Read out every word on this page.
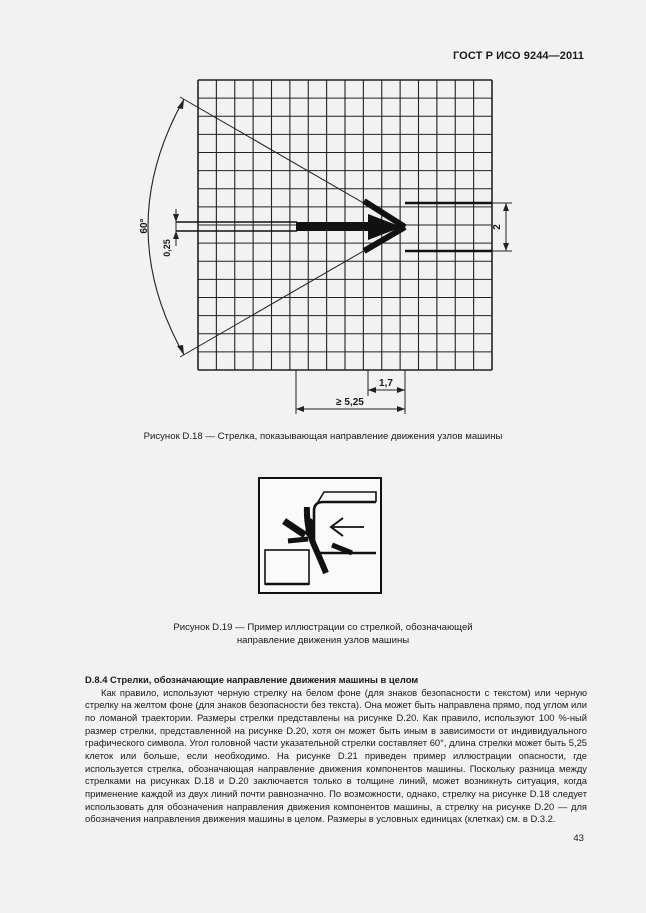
ГОСТ Р ИСО 9244—2011
60°
0,25
2
1,7
≥ 5,25
Рисунок D.18 — Стрелка, показывающая направление движения узлов машины
Рисунок D.19 — Пример иллюстрации со стрелкой, обозначающей
направление движения узлов машины
D.8.4 Стрелки, обозначающие направление движения машины в целом

Как правило, используют черную стрелку на белом фоне (для знаков безопасности с текстом) или черную стрелку на желтом фоне (для знаков безопасности без текста). Она может быть направлена прямо, под углом или по ломаной траектории. Размеры стрелки представлены на рисунке D.20. Как правило, используют 100 %-ный размер стрелки, представленной на рисунке D.20, хотя он может быть иным в зависимости от индивидуального графического символа. Угол головной части указательной стрелки составляет 60°, длина стрелки может быть 5,25 клеток или больше, если необходимо. На рисунке D.21 приведен пример иллюстрации опасности, где используется стрелка, обозначающая направление движения компонентов машины. Поскольку разница между стрелками на рисунках D.18 и D.20 заключается только в толщине линий, может возникнуть ситуация, когда применение каждой из двух линий почти равнозначно. По возможности, однако, стрелку на рисунке D.18 следует использовать для обозначения направления движения компонентов машины, а стрелку на рисунке D.20 — для обозначения направления движения машины в целом. Размеры в условных единицах (клетках) см. в D.3.2.

43
